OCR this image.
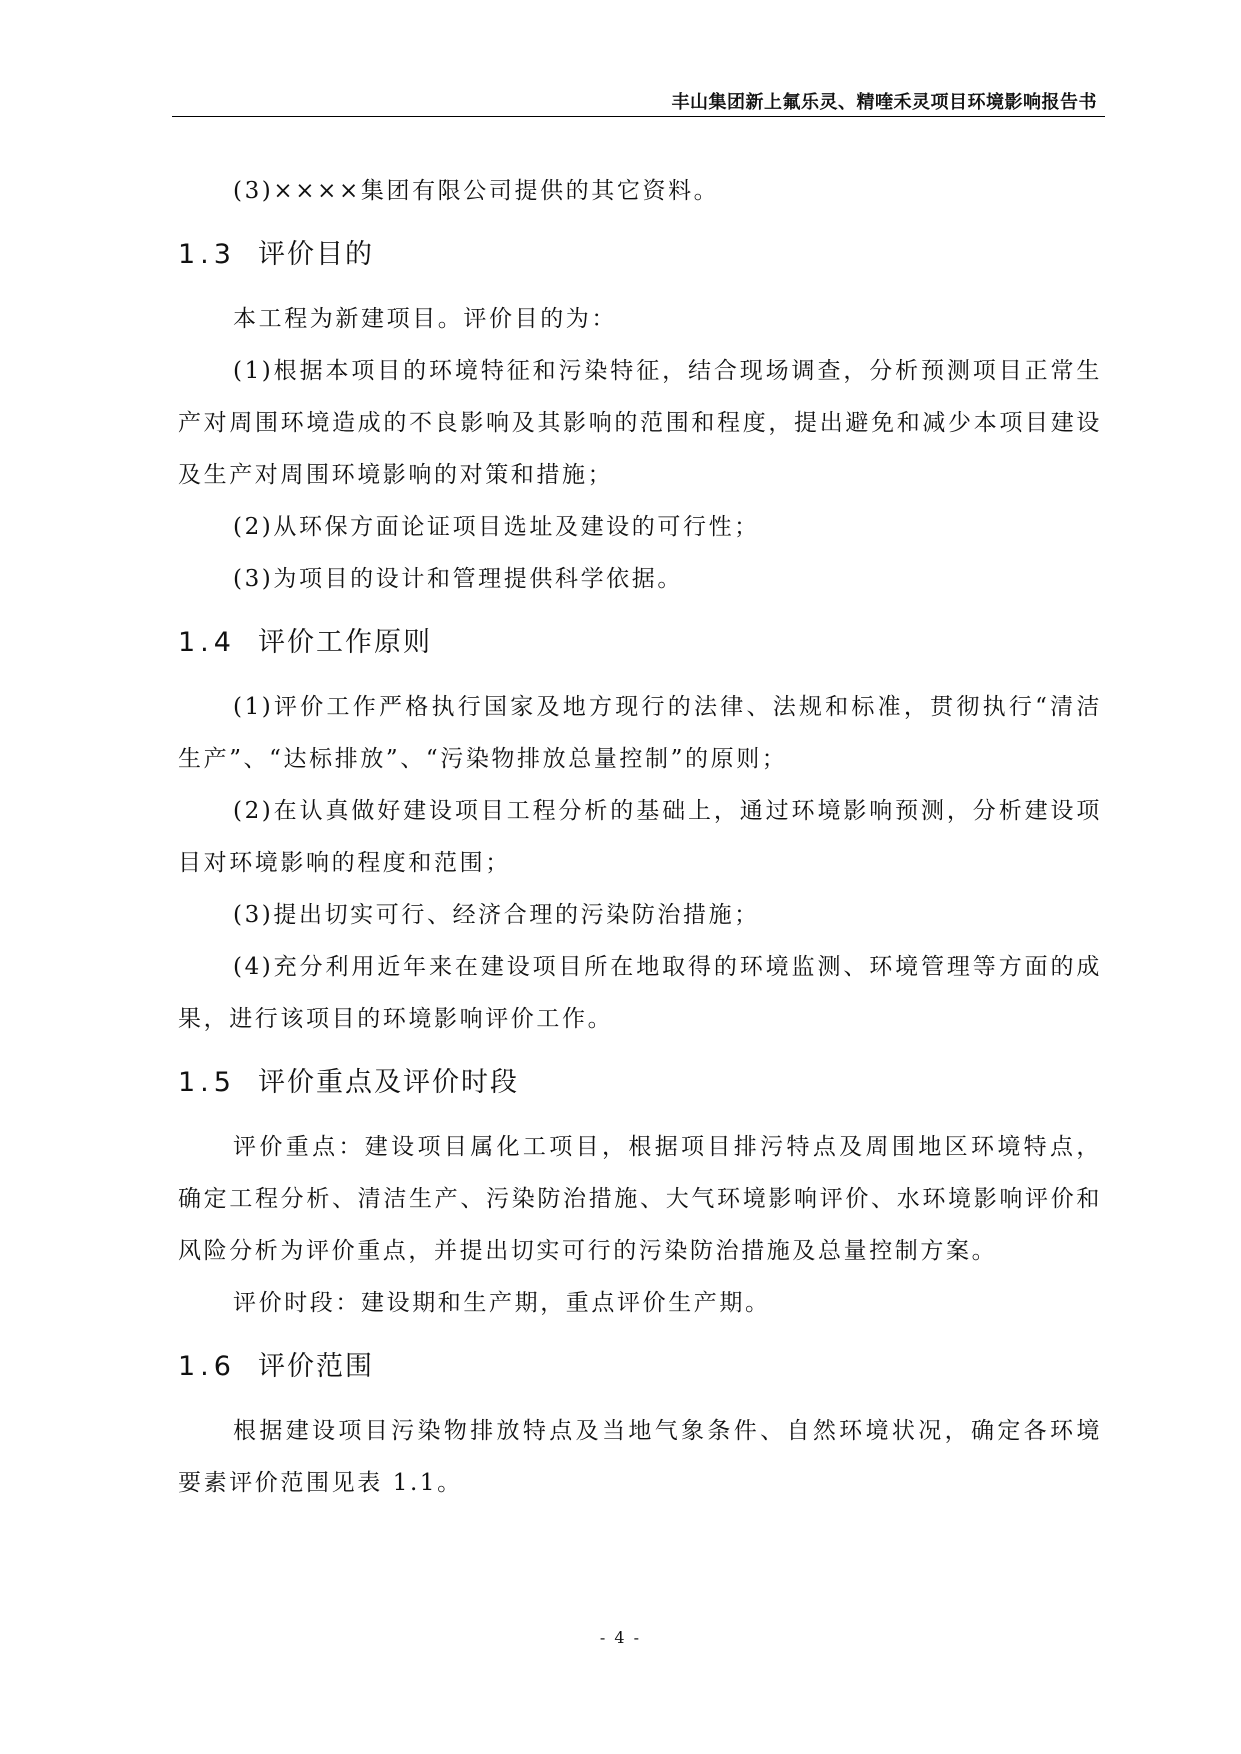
丰山集团新上氟乐灵、精喹禾灵项目环境影响报告书

(3)××××集团有限公司提供的其它资料。

1.3 评价目的

本工程为新建项目。评价目的为：

(1)根据本项目的环境特征和污染特征，结合现场调查，分析预测项目正常生产对周围环境造成的不良影响及其影响的范围和程度，提出避免和减少本项目建设及生产对周围环境影响的对策和措施；

(2)从环保方面论证项目选址及建设的可行性；

(3)为项目的设计和管理提供科学依据。

1.4 评价工作原则

(1)评价工作严格执行国家及地方现行的法律、法规和标准，贯彻执行“清洁生产”、“达标排放”、“污染物排放总量控制”的原则；

(2)在认真做好建设项目工程分析的基础上，通过环境影响预测，分析建设项目对环境影响的程度和范围；

(3)提出切实可行、经济合理的污染防治措施；

(4)充分利用近年来在建设项目所在地取得的环境监测、环境管理等方面的成果，进行该项目的环境影响评价工作。

1.5 评价重点及评价时段

评价重点：建设项目属化工项目，根据项目排污特点及周围地区环境特点，确定工程分析、清洁生产、污染防治措施、大气环境影响评价、水环境影响评价和风险分析为评价重点，并提出切实可行的污染防治措施及总量控制方案。

评价时段：建设期和生产期，重点评价生产期。

1.6 评价范围

根据建设项目污染物排放特点及当地气象条件、自然环境状况，确定各环境要素评价范围见表 1.1。

- 4 -
